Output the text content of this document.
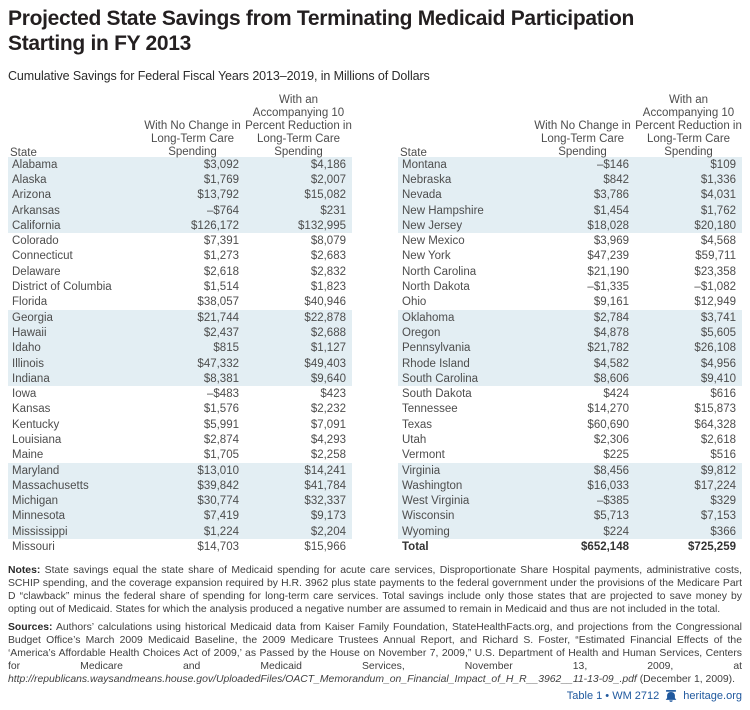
Projected State Savings from Terminating Medicaid Participation
Starting in FY 2013

Cumulative Savings for Federal Fiscal Years 2013–2019, in Millions of Dollars

State
With No Change in Long-Term Care Spending
With an Accompanying 10 Percent Reduction in Long-Term Care Spending
Alabama	$3,092	$4,186
Alaska	$1,769	$2,007
Arizona	$13,792	$15,082
Arkansas	–$764	$231
California	$126,172	$132,995
Colorado	$7,391	$8,079
Connecticut	$1,273	$2,683
Delaware	$2,618	$2,832
District of Columbia	$1,514	$1,823
Florida	$38,057	$40,946
Georgia	$21,744	$22,878
Hawaii	$2,437	$2,688
Idaho	$815	$1,127
Illinois	$47,332	$49,403
Indiana	$8,381	$9,640
Iowa	–$483	$423
Kansas	$1,576	$2,232
Kentucky	$5,991	$7,091
Louisiana	$2,874	$4,293
Maine	$1,705	$2,258
Maryland	$13,010	$14,241
Massachusetts	$39,842	$41,784
Michigan	$30,774	$32,337
Minnesota	$7,419	$9,173
Mississippi	$1,224	$2,204
Missouri	$14,703	$15,966
State
With No Change in Long-Term Care Spending
With an Accompanying 10 Percent Reduction in Long-Term Care Spending
Montana	–$146	$109
Nebraska	$842	$1,336
Nevada	$3,786	$4,031
New Hampshire	$1,454	$1,762
New Jersey	$18,028	$20,180
New Mexico	$3,969	$4,568
New York	$47,239	$59,711
North Carolina	$21,190	$23,358
North Dakota	–$1,335	–$1,082
Ohio	$9,161	$12,949
Oklahoma	$2,784	$3,741
Oregon	$4,878	$5,605
Pennsylvania	$21,782	$26,108
Rhode Island	$4,582	$4,956
South Carolina	$8,606	$9,410
South Dakota	$424	$616
Tennessee	$14,270	$15,873
Texas	$60,690	$64,328
Utah	$2,306	$2,618
Vermont	$225	$516
Virginia	$8,456	$9,812
Washington	$16,033	$17,224
West Virginia	–$385	$329
Wisconsin	$5,713	$7,153
Wyoming	$224	$366
Total	$652,148	$725,259

Notes: State savings equal the state share of Medicaid spending for acute care services, Disproportionate Share Hospital payments, administrative costs, SCHIP spending, and the coverage expansion required by H.R. 3962 plus state payments to the federal government under the provisions of the Medicare Part D “clawback” minus the federal share of spending for long-term care services. Total savings include only those states that are projected to save money by opting out of Medicaid. States for which the analysis produced a negative number are assumed to remain in Medicaid and thus are not included in the total.

Sources: Authors’ calculations using historical Medicaid data from Kaiser Family Foundation, StateHealthFacts.org, and projections from the Congressional Budget Office’s March 2009 Medicaid Baseline, the 2009 Medicare Trustees Annual Report, and Richard S. Foster, “Estimated Financial Effects of the ‘America’s Affordable Health Choices Act of 2009,’ as Passed by the House on November 7, 2009,” U.S. Department of Health and Human Services, Centers for Medicare and Medicaid Services, November 13, 2009, at http://republicans.waysandmeans.house.gov/UploadedFiles/OACT_Memorandum_on_Financial_Impact_of_H_R__3962__11-13-09_.pdf (December 1, 2009).

Table 1 • WM 2712 heritage.org
